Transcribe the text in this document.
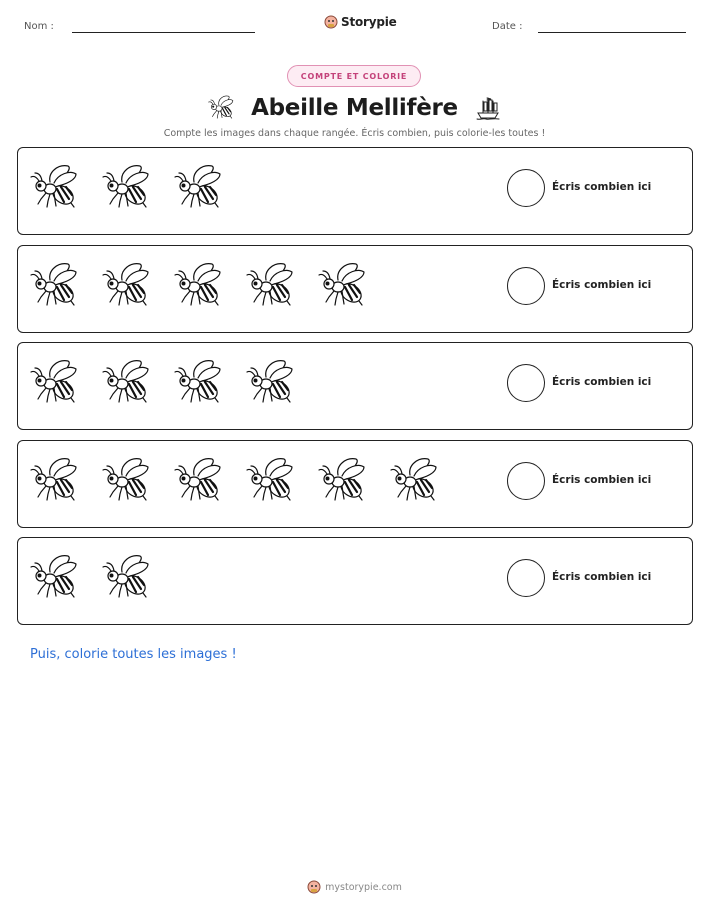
Nom :	Storypie	Date :
COMPTE ET COLORIE
Abeille Mellifère
Compte les images dans chaque rangée. Écris combien, puis colorie-les toutes !
Écris combien ici
Écris combien ici
Écris combien ici
Écris combien ici
Écris combien ici
Puis, colorie toutes les images !
mystorypie.com
